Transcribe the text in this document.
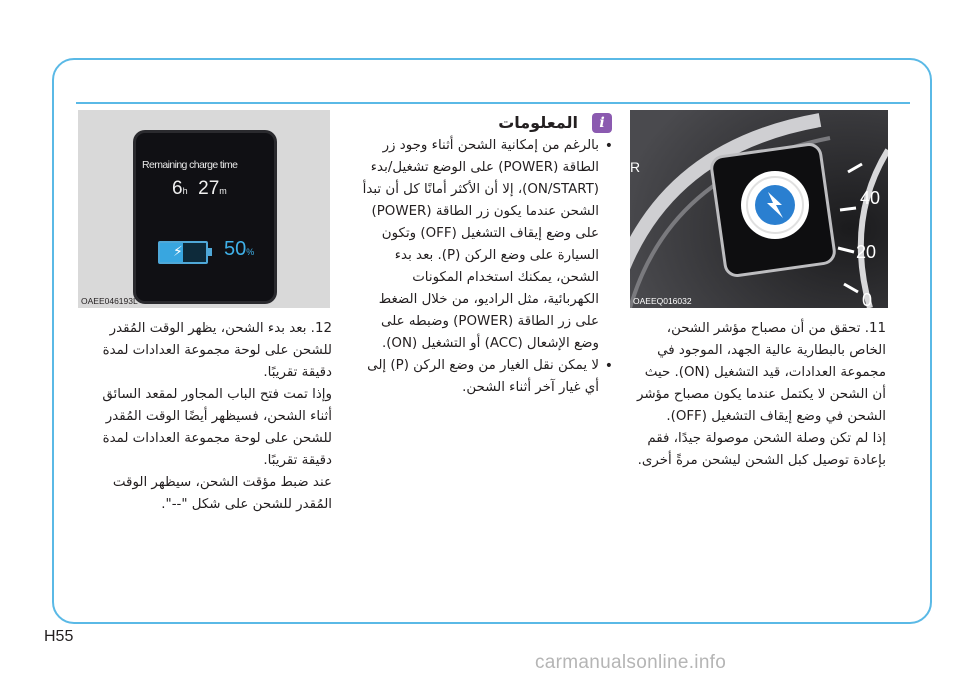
Remaining charge time
6h 27m
⚡ 50%
OAEE046193L
40
20
0
R
OAEEQ016032
المعلومات	i

12. بعد بدء الشحن، يظهر الوقت المُقدر للشحن على لوحة مجموعة العدادات لمدة دقيقة تقريبًا.

وإذا تمت فتح الباب المجاور لمقعد السائق أثناء الشحن، فسيظهر أيضًا الوقت المُقدر للشحن على لوحة مجموعة العدادات لمدة دقيقة تقريبًا.

عند ضبط مؤقت الشحن، سيظهر الوقت المُقدر للشحن على شكل "--".

• بالرغم من إمكانية الشحن أثناء وجود زر الطاقة (POWER) على الوضع تشغيل/بدء (ON/START)، إلا أن الأكثر أمانًا كل أن تبدأ الشحن عندما يكون زر الطاقة (POWER) على وضع إيقاف التشغيل (OFF) وتكون السيارة على وضع الركن (P). بعد بدء الشحن، يمكنك استخدام المكونات الكهربائية، مثل الراديو، من خلال الضغط على زر الطاقة (POWER) وضبطه على وضع الإشعال (ACC) أو التشغيل (ON).
• لا يمكن نقل الغيار من وضع الركن (P) إلى أي غيار آخر أثناء الشحن.

11. تحقق من أن مصباح مؤشر الشحن، الخاص بالبطارية عالية الجهد، الموجود في مجموعة العدادات، قيد التشغيل (ON). حيث أن الشحن لا يكتمل عندما يكون مصباح مؤشر الشحن في وضع إيقاف التشغيل (OFF).

إذا لم تكن وصلة الشحن موصولة جيدًا، فقم بإعادة توصيل كبل الشحن ليشحن مرةً أخرى.

H55
carmanualsonline.info
